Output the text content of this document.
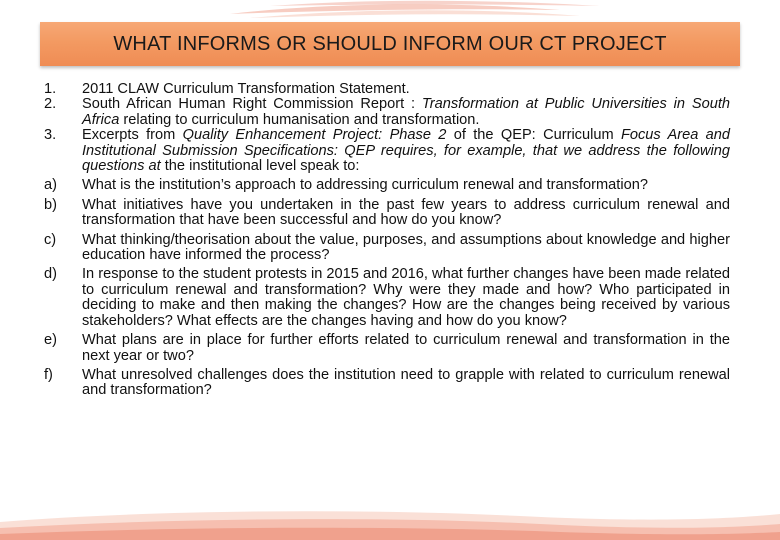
WHAT INFORMS OR SHOULD INFORM OUR CT PROJECT
1.	2011 CLAW Curriculum Transformation Statement.
2.	South African Human Right Commission Report : Transformation at Public Universities in South Africa relating to curriculum humanisation and transformation.
3.	Excerpts from Quality Enhancement Project: Phase 2 of the QEP: Curriculum Focus Area and Institutional Submission Specifications: QEP requires, for example, that we address the following questions at the institutional level speak to:
a)	What is the institution’s approach to addressing curriculum renewal and transformation?
b)	What initiatives have you undertaken in the past few years to address curriculum renewal and transformation that have been successful and how do you know?
c)	What thinking/theorisation about the value, purposes, and assumptions about knowledge and higher education have informed the process?
d)	In response to the student protests in 2015 and 2016, what further changes have been made related to curriculum renewal and transformation? Why were they made and how? Who participated in deciding to make and then making the changes? How are the changes being received by various stakeholders? What effects are the changes having and how do you know?
e)	What plans are in place for further efforts related to curriculum renewal and transformation in the next year or two?
f)	What unresolved challenges does the institution need to grapple with related to curriculum renewal and transformation?
